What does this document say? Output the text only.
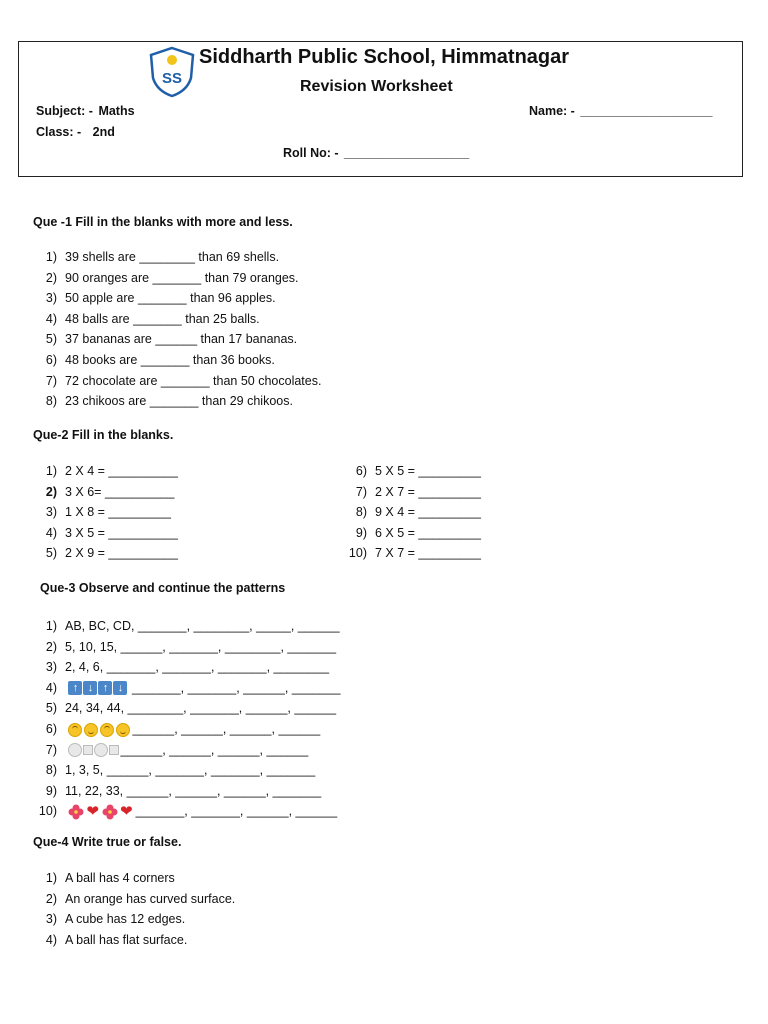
SS
Siddharth Public School, Himmatnagar
Revision Worksheet
Subject: - Maths
Class: - 2nd
Name: - ___________________
Roll No: - __________________
Que -1 Fill in the blanks with more and less.
1) 39 shells are ________ than 69 shells.
2) 90 oranges are _______ than 79 oranges.
3) 50 apple are _______ than 96 apples.
4) 48 balls are _______ than 25 balls.
5) 37 bananas are ______ than 17 bananas.
6) 48 books are _______ than 36 books.
7) 72 chocolate are _______ than 50 chocolates.
8) 23 chikoos are _______ than 29 chikoos.
Que-2 Fill in the blanks.
1) 2 X 4 = __________
2) 3 X 6= __________
3) 1 X 8 = _________
4) 3 X 5 = __________
5) 2 X 9 = __________
6) 5 X 5 = _________
7) 2 X 7 = _________
8) 9 X 4 = _________
9) 6 X 5 = _________
10) 7 X 7 = _________
Que-3 Observe and continue the patterns
1) AB, BC, CD, _______, ________, _____, ______
2) 5, 10, 15, ______, _______, ________, _______
3) 2, 4, 6, _______, _______, _______, ________
4) ↑ ↓ ↑ ↓ _______, _______, ______, _______
5) 24, 34, 44, ________, _______, ______, ______
6)	______, ______, ______, ______
7)	______, ______, ______, ______
8) 1, 3, 5, ______, _______, _______, _______
9) 11, 22, 33, ______, ______, ______, _______
10) ❤ ❤ _______, _______, ______, ______
Que-4 Write true or false.
1) A ball has 4 corners
2) An orange has curved surface.
3) A cube has 12 edges.
4) A ball has flat surface.
